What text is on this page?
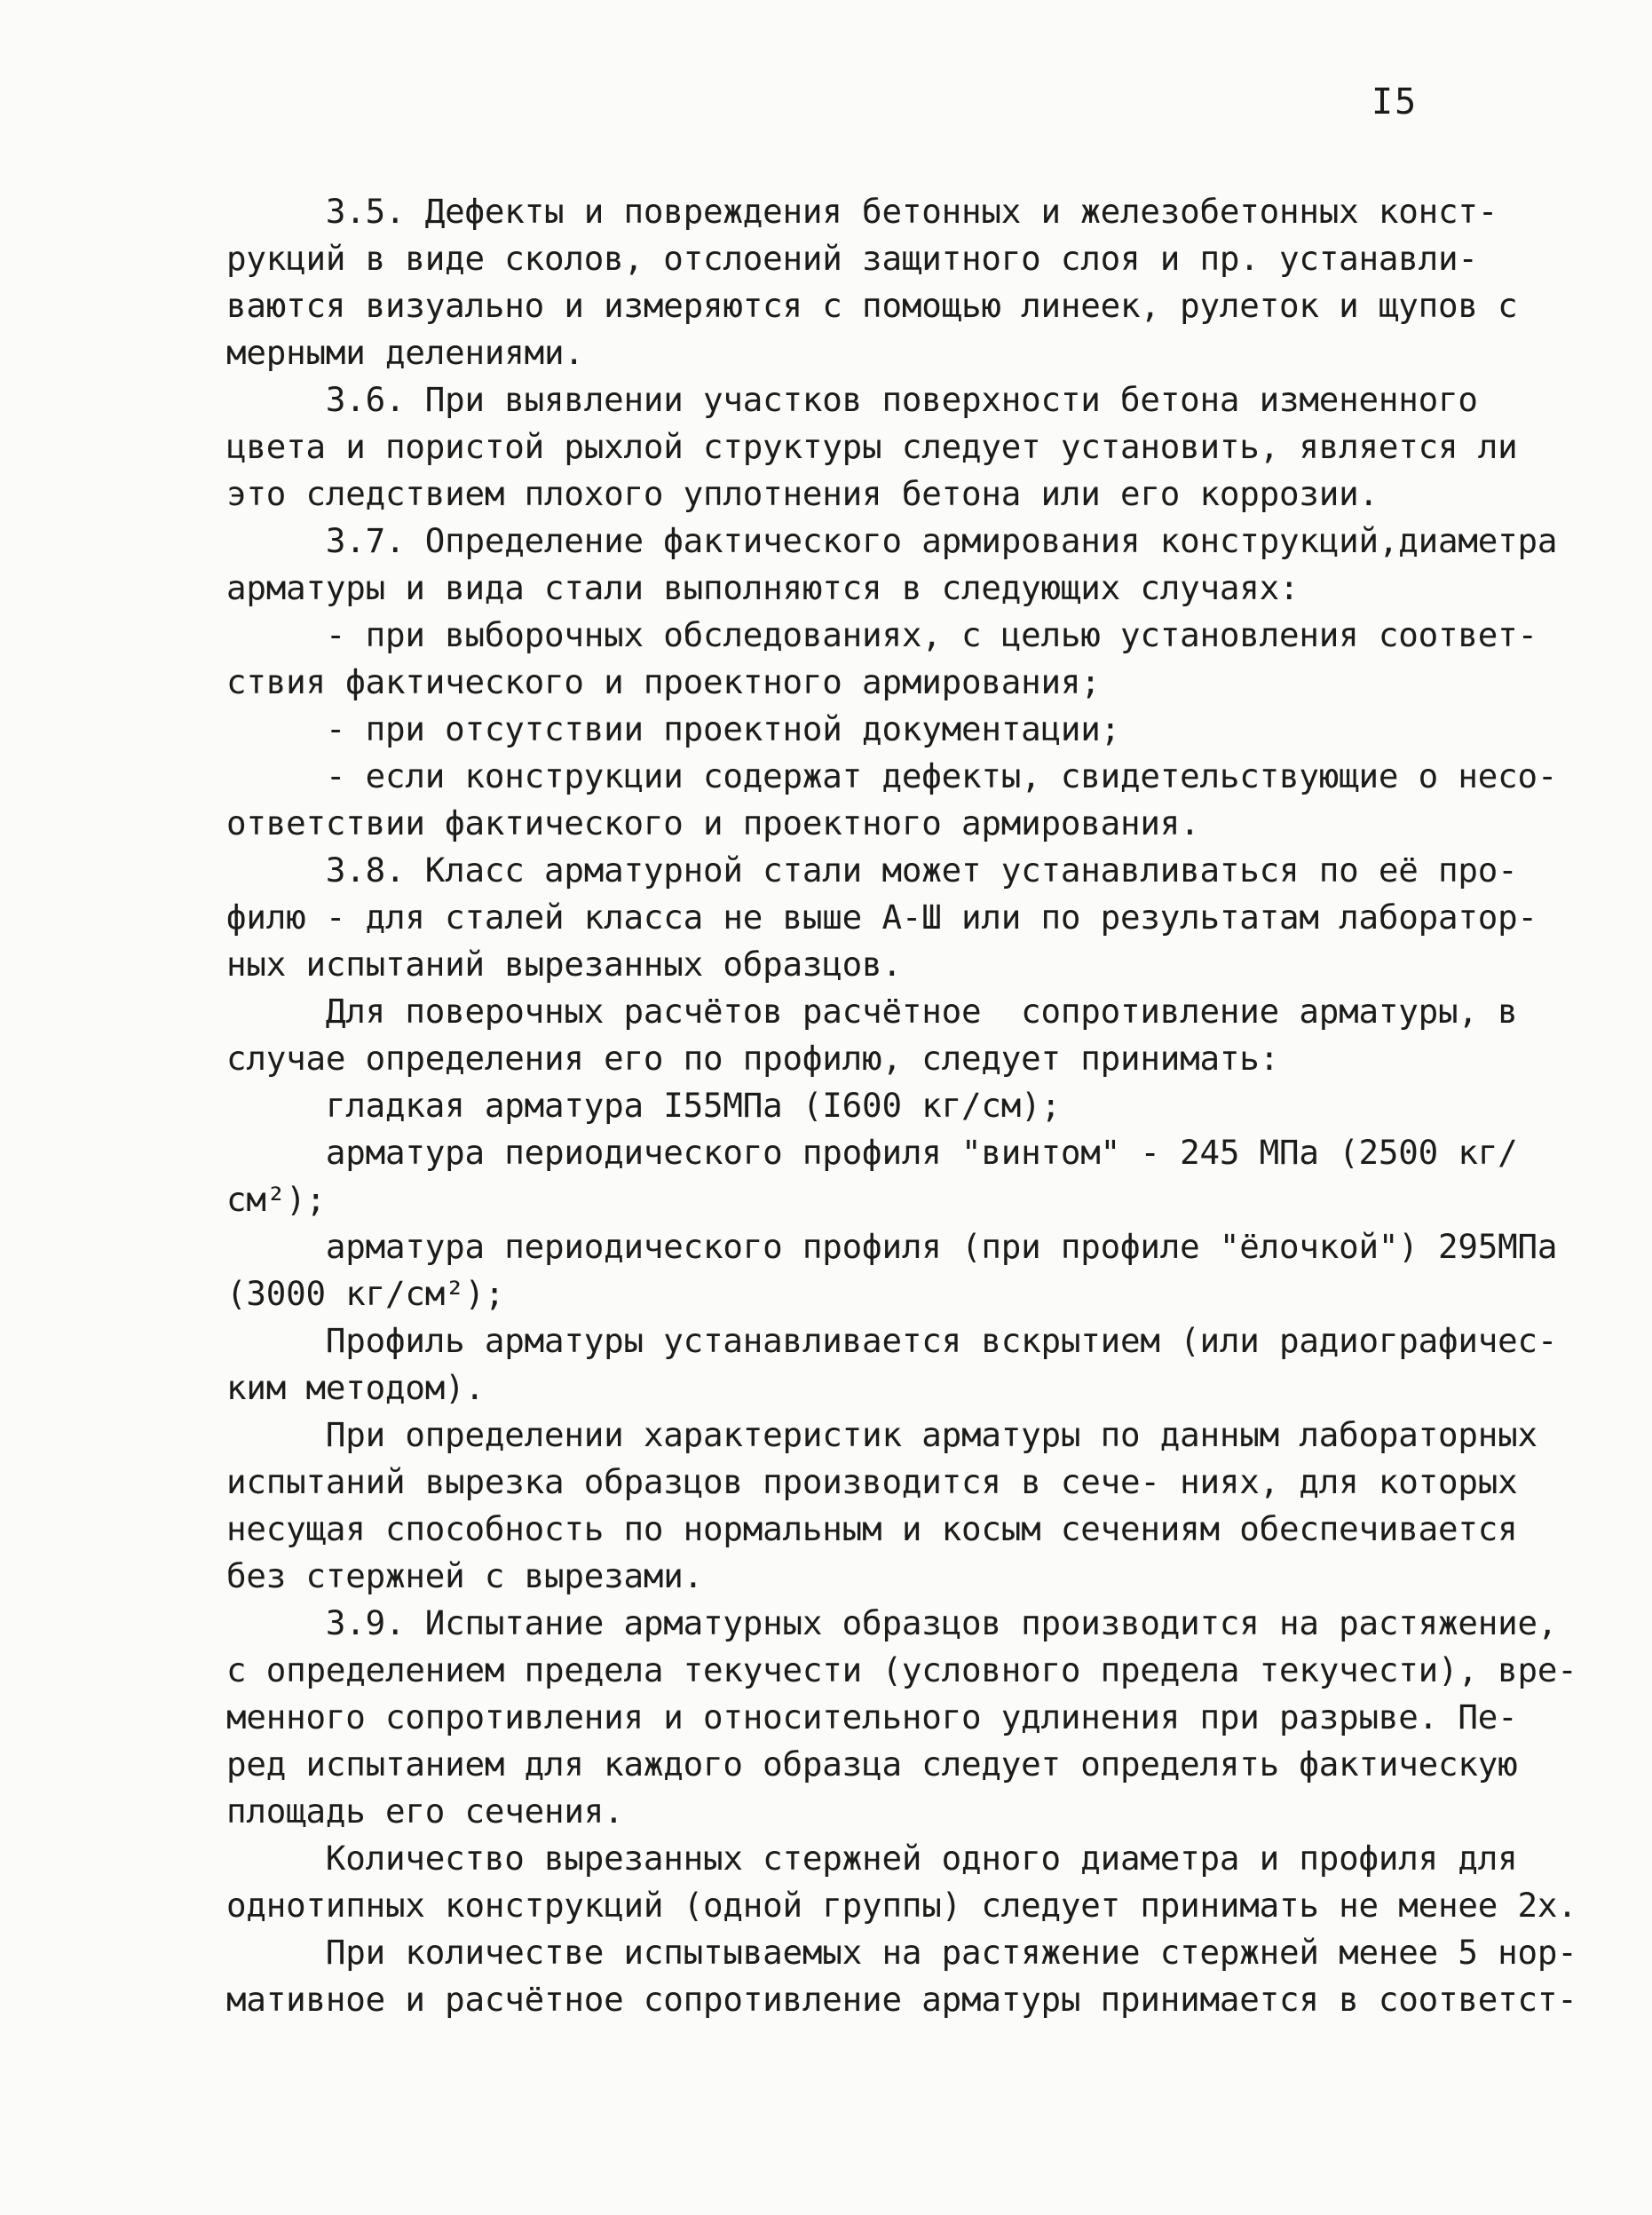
I5
3.5. Дефекты и повреждения бетонных и железобетонных конст-
рукций в виде сколов, отслоений защитного слоя и пр. устанавли-
ваются визуально и измеряются с помощью линеек, рулеток и щупов с
мерными делениями.
3.6. При выявлении участков поверхности бетона измененного
цвета и пористой рыхлой структуры следует установить, является ли
это следствием плохого уплотнения бетона или его коррозии.
3.7. Определение фактического армирования конструкций,диаметра
арматуры и вида стали выполняются в следующих случаях:
- при выборочных обследованиях, с целью установления соответ-
ствия фактического и проектного армирования;
- при отсутствии проектной документации;
- если конструкции содержат дефекты, свидетельствующие о несо-
ответствии фактического и проектного армирования.
3.8. Класс арматурной стали может устанавливаться по её про-
филю - для сталей класса не выше А-Ш или по результатам лаборатор-
ных испытаний вырезанных образцов.
Для поверочных расчётов расчётное  сопротивление арматуры, в
случае определения его по профилю, следует принимать:
гладкая арматура I55МПа (I600 кг/см);
арматура периодического профиля "винтом" - 245 МПа (2500 кг/
см²);
арматура периодического профиля (при профиле "ёлочкой") 295МПа
(3000 кг/см²);
Профиль арматуры устанавливается вскрытием (или радиографичес-
ким методом).
При определении характеристик арматуры по данным лабораторных
испытаний вырезка образцов производится в сече- ниях, для которых
несущая способность по нормальным и косым сечениям обеспечивается
без стержней с вырезами.
3.9. Испытание арматурных образцов производится на растяжение,
с определением предела текучести (условного предела текучести), вре-
менного сопротивления и относительного удлинения при разрыве. Пе-
ред испытанием для каждого образца следует определять фактическую
площадь его сечения.
Количество вырезанных стержней одного диаметра и профиля для
однотипных конструкций (одной группы) следует принимать не менее 2х.
При количестве испытываемых на растяжение стержней менее 5 нор-
мативное и расчётное сопротивление арматуры принимается в соответст-
